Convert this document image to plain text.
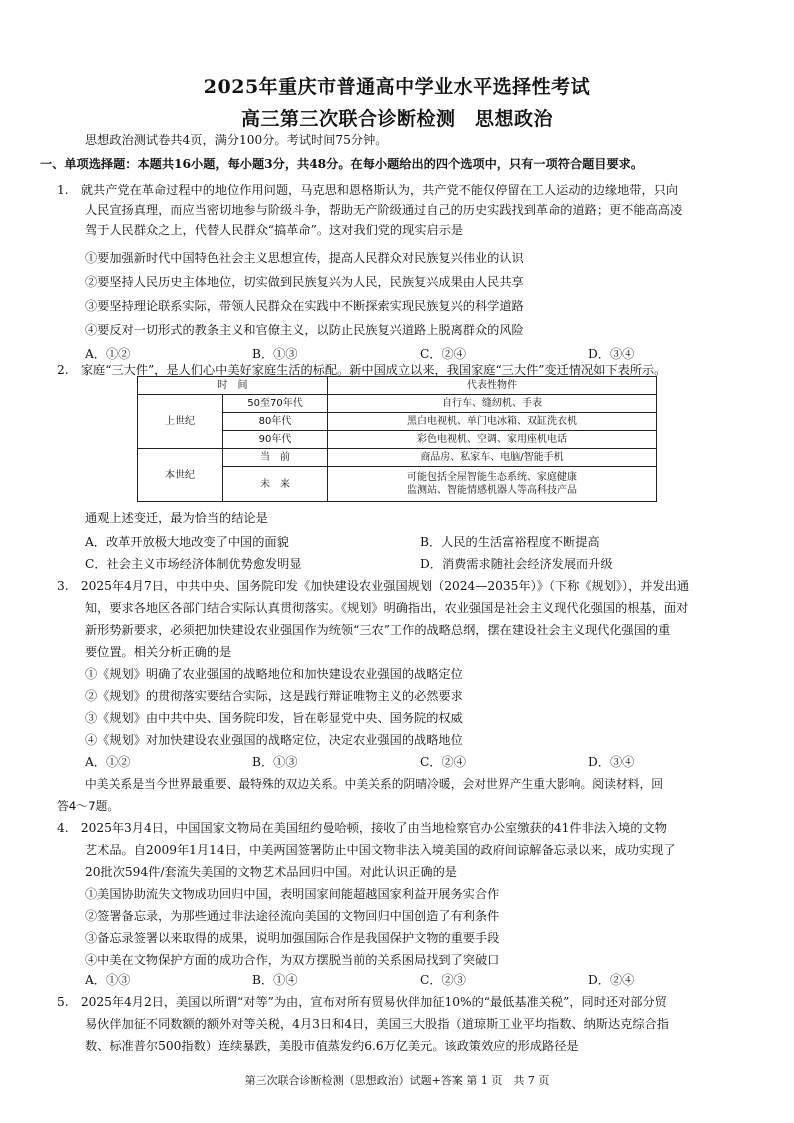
2025年重庆市普通高中学业水平选择性考试
高三第三次联合诊断检测　思想政治
思想政治测试卷共4页，满分100分。考试时间75分钟。
一、单项选择题：本题共16小题，每小题3分，共48分。在每小题给出的四个选项中，只有一项符合题目要求。
1.　就共产党在革命过程中的地位作用问题，马克思和恩格斯认为，共产党不能仅停留在工人运动的边缘地带，只向
人民宣扬真理，而应当密切地参与阶级斗争，帮助无产阶级通过自己的历史实践找到革命的道路；更不能高高凌
驾于人民群众之上，代替人民群众“搞革命”。这对我们党的现实启示是
①要加强新时代中国特色社会主义思想宣传，提高人民群众对民族复兴伟业的认识
②要坚持人民历史主体地位，切实做到民族复兴为人民，民族复兴成果由人民共享
③要坚持理论联系实际，带领人民群众在实践中不断探索实现民族复兴的科学道路
④要反对一切形式的教条主义和官僚主义，以防止民族复兴道路上脱离群众的风险
A．①②	B．①③	C．②④	D．③④
2.　家庭“三大件”，是人们心中美好家庭生活的标配。新中国成立以来，我国家庭“三大件”变迁情况如下表所示。
时　间		代表性物件
上世纪	50至70年代	自行车、缝纫机、手表
	80年代	黑白电视机、单门电冰箱、双缸洗衣机
	90年代	彩色电视机、空调、家用座机电话
本世纪	当　前	商品房、私家车、电脑/智能手机
	未　来	可能包括全屋智能生态系统、家庭健康
监测站、智能情感机器人等高科技产品
通观上述变迁，最为恰当的结论是
A．改革开放极大地改变了中国的面貌	B．人民的生活富裕程度不断提高
C．社会主义市场经济体制优势愈发明显	D．消费需求随社会经济发展而升级
3.　2025年4月7日，中共中央、国务院印发《加快建设农业强国规划（2024—2035年）》（下称《规划》），并发出通
知，要求各地区各部门结合实际认真贯彻落实。《规划》明确指出，农业强国是社会主义现代化强国的根基，面对
新形势新要求，必须把加快建设农业强国作为统领“三农”工作的战略总纲，摆在建设社会主义现代化强国的重
要位置。相关分析正确的是
①《规划》明确了农业强国的战略地位和加快建设农业强国的战略定位
②《规划》的贯彻落实要结合实际，这是践行辩证唯物主义的必然要求
③《规划》由中共中央、国务院印发，旨在彰显党中央、国务院的权威
④《规划》对加快建设农业强国的战略定位，决定农业强国的战略地位
A．①②	B．①③	C．②④	D．③④
中美关系是当今世界最重要、最特殊的双边关系。中美关系的阴晴冷暖，会对世界产生重大影响。阅读材料，回
答4～7题。
4.　2025年3月4日，中国国家文物局在美国纽约曼哈顿，接收了由当地检察官办公室缴获的41件非法入境的文物
艺术品。自2009年1月14日，中美两国签署防止中国文物非法入境美国的政府间谅解备忘录以来，成功实现了
20批次594件/套流失美国的文物艺术品回归中国。对此认识正确的是
①美国协助流失文物成功回归中国，表明国家间能超越国家利益开展务实合作
②签署备忘录，为那些通过非法途径流向美国的文物回归中国创造了有利条件
③备忘录签署以来取得的成果，说明加强国际合作是我国保护文物的重要手段
④中美在文物保护方面的成功合作，为双方摆脱当前的关系困局找到了突破口
A．①③	B．①④	C．②③	D．②④
5.　2025年4月2日，美国以所谓“对等”为由，宣布对所有贸易伙伴加征10%的“最低基准关税”，同时还对部分贸
易伙伴加征不同数额的额外对等关税，4月3日和4日，美国三大股指（道琼斯工业平均指数、纳斯达克综合指
数、标准普尔500指数）连续暴跌，美股市值蒸发约6.6万亿美元。该政策效应的形成路径是
第三次联合诊断检测（思想政治）试题+答案 第 1 页　共 7 页
